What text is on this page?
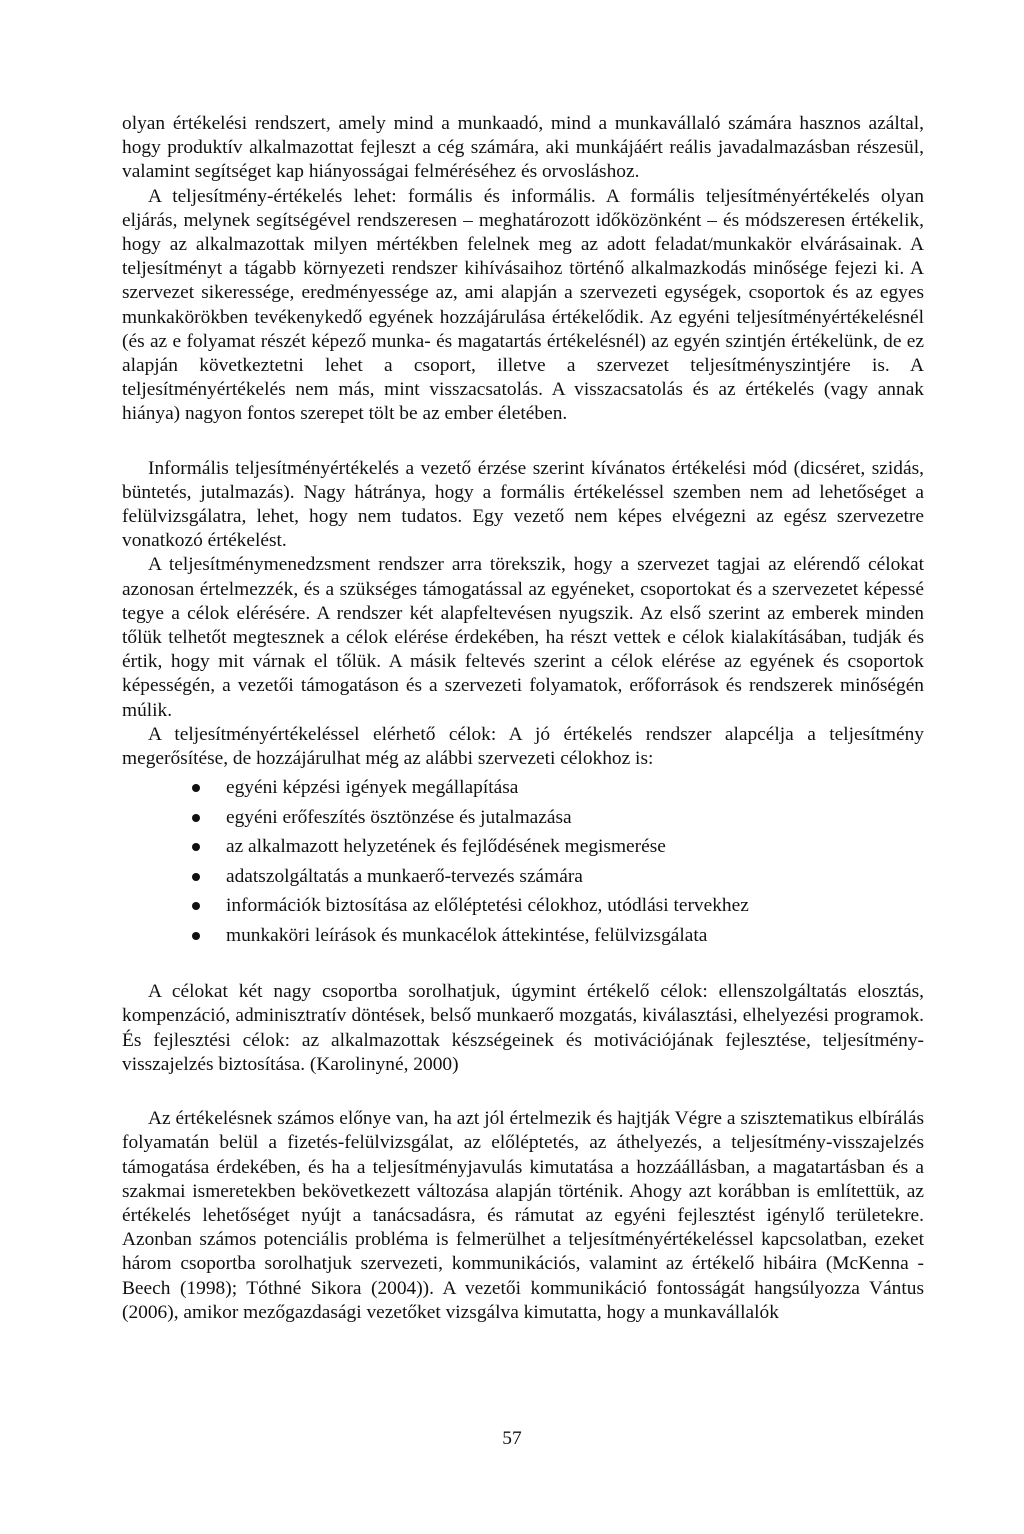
olyan értékelési rendszert, amely mind a munkaadó, mind a munkavállaló számára hasznos azáltal, hogy produktív alkalmazottat fejleszt a cég számára, aki munkájáért reális javadalmazásban részesül, valamint segítséget kap hiányosságai felméréséhez és orvosláshoz.

A teljesítmény-értékelés lehet: formális és informális. A formális teljesítményértékelés olyan eljárás, melynek segítségével rendszeresen – meghatározott időközönként – és módszeresen értékelik, hogy az alkalmazottak milyen mértékben felelnek meg az adott feladat/munkakör elvárásainak. A teljesítményt a tágabb környezeti rendszer kihívásaihoz történő alkalmazkodás minősége fejezi ki. A szervezet sikeressége, eredményessége az, ami alapján a szervezeti egységek, csoportok és az egyes munkakörökben tevékenykedő egyének hozzájárulása értékelődik. Az egyéni teljesítményértékelésnél (és az e folyamat részét képező munka- és magatartás értékelésnél) az egyén szintjén értékelünk, de ez alapján következtetni lehet a csoport, illetve a szervezet teljesítményszintjére is. A teljesítményértékelés nem más, mint visszacsatolás. A visszacsatolás és az értékelés (vagy annak hiánya) nagyon fontos szerepet tölt be az ember életében.

Informális teljesítményértékelés a vezető érzése szerint kívánatos értékelési mód (dicséret, szidás, büntetés, jutalmazás). Nagy hátránya, hogy a formális értékeléssel szemben nem ad lehetőséget a felülvizsgálatra, lehet, hogy nem tudatos. Egy vezető nem képes elvégezni az egész szervezetre vonatkozó értékelést.

A teljesítménymenedzsment rendszer arra törekszik, hogy a szervezet tagjai az elérendő célokat azonosan értelmezzék, és a szükséges támogatással az egyéneket, csoportokat és a szervezetet képessé tegye a célok elérésére. A rendszer két alapfeltevésen nyugszik. Az első szerint az emberek minden tőlük telhetőt megtesznek a célok elérése érdekében, ha részt vettek e célok kialakításában, tudják és értik, hogy mit várnak el tőlük. A másik feltevés szerint a célok elérése az egyének és csoportok képességén, a vezetői támogatáson és a szervezeti folyamatok, erőforrások és rendszerek minőségén múlik.

A teljesítményértékeléssel elérhető célok: A jó értékelés rendszer alapcélja a teljesítmény megerősítése, de hozzájárulhat még az alábbi szervezeti célokhoz is:

egyéni képzési igények megállapítása
egyéni erőfeszítés ösztönzése és jutalmazása
az alkalmazott helyzetének és fejlődésének megismerése
adatszolgáltatás a munkaerő-tervezés számára
információk biztosítása az előléptetési célokhoz, utódlási tervekhez
munkaköri leírások és munkacélok áttekintése, felülvizsgálata

A célokat két nagy csoportba sorolhatjuk, úgymint értékelő célok: ellenszolgáltatás elosztás, kompenzáció, adminisztratív döntések, belső munkaerő mozgatás, kiválasztási, elhelyezési programok. És fejlesztési célok: az alkalmazottak készségeinek és motivációjának fejlesztése, teljesítmény-visszajelzés biztosítása. (Karolinyné, 2000)

Az értékelésnek számos előnye van, ha azt jól értelmezik és hajtják Végre a szisztematikus elbírálás folyamatán belül a fizetés-felülvizsgálat, az előléptetés, az áthelyezés, a teljesítmény-visszajelzés támogatása érdekében, és ha a teljesítményjavulás kimutatása a hozzáállásban, a magatartásban és a szakmai ismeretekben bekövetkezett változása alapján történik. Ahogy azt korábban is említettük, az értékelés lehetőséget nyújt a tanácsadásra, és rámutat az egyéni fejlesztést igénylő területekre. Azonban számos potenciális probléma is felmerülhet a teljesítményértékeléssel kapcsolatban, ezeket három csoportba sorolhatjuk szervezeti, kommunikációs, valamint az értékelő hibáira (McKenna - Beech (1998); Tóthné Sikora (2004)). A vezetői kommunikáció fontosságát hangsúlyozza Vántus (2006), amikor mezőgazdasági vezetőket vizsgálva kimutatta, hogy a munkavállalók

57
